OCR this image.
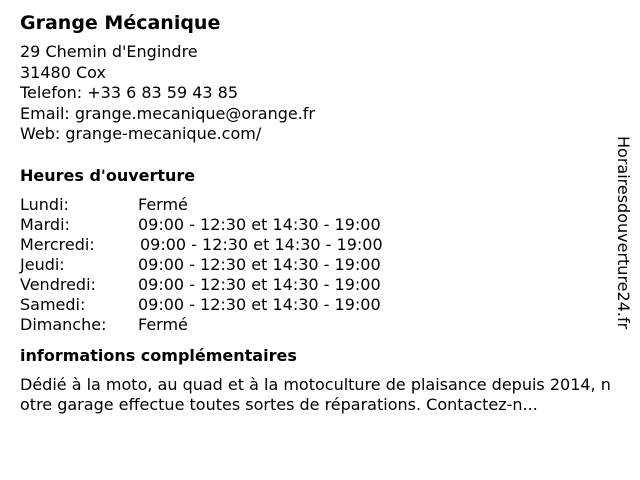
Grange Mécanique
29 Chemin d'Engindre
31480 Cox
Telefon: +33 6 83 59 43 85
Email: grange.mecanique@orange.fr
Web: grange-mecanique.com/
Heures d'ouverture
Lundi:	Fermé
Mardi:	09:00 - 12:30 et 14:30 - 19:00
Mercredi:	09:00 - 12:30 et 14:30 - 19:00
Jeudi:	09:00 - 12:30 et 14:30 - 19:00
Vendredi:	09:00 - 12:30 et 14:30 - 19:00
Samedi:	09:00 - 12:30 et 14:30 - 19:00
Dimanche: Fermé
informations complémentaires
Dédié à la moto, au quad et à la motoculture de plaisance depuis 2014, notre garage effectue toutes sortes de réparations. Contactez-n...
Horairesdouverture24.fr
